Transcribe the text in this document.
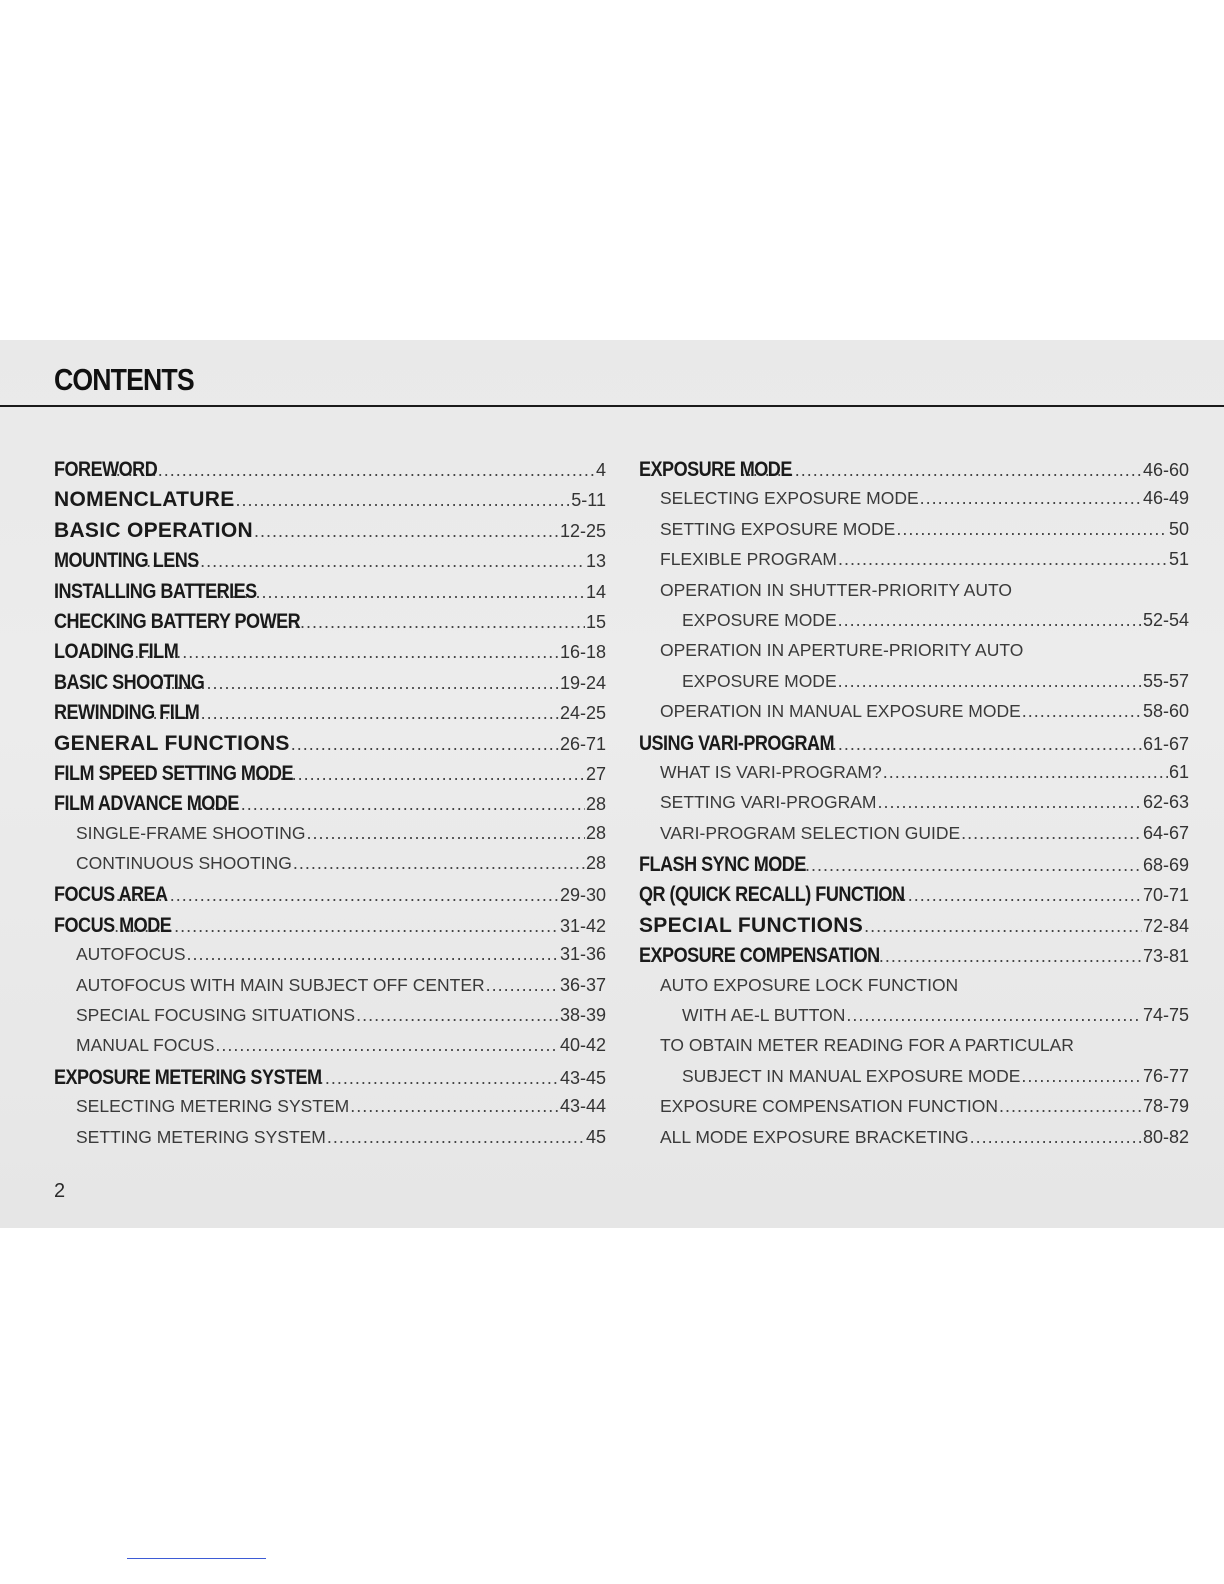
CONTENTS
FOREWORD .....	4
NOMENCLATURE .....	5-11
BASIC OPERATION .....	12-25
MOUNTING LENS .....	13
INSTALLING BATTERIES .....	14
CHECKING BATTERY POWER .....	15
LOADING FILM .....	16-18
BASIC SHOOTING .....	19-24
REWINDING FILM .....	24-25
GENERAL FUNCTIONS .....	26-71
FILM SPEED SETTING MODE .....	27
FILM ADVANCE MODE .....	28
SINGLE-FRAME SHOOTING .....	28
CONTINUOUS SHOOTING .....	28
FOCUS AREA .....	29-30
FOCUS MODE .....	31-42
AUTOFOCUS .....	31-36
AUTOFOCUS WITH MAIN SUBJECT OFF CENTER .....	36-37
SPECIAL FOCUSING SITUATIONS .....	38-39
MANUAL FOCUS .....	40-42
EXPOSURE METERING SYSTEM .....	43-45
SELECTING METERING SYSTEM .....	43-44
SETTING METERING SYSTEM .....	45
EXPOSURE MODE .....	46-60
SELECTING EXPOSURE MODE .....	46-49
SETTING EXPOSURE MODE .....	50
FLEXIBLE PROGRAM .....	51
OPERATION IN SHUTTER-PRIORITY AUTO
EXPOSURE MODE .....	52-54
OPERATION IN APERTURE-PRIORITY AUTO
EXPOSURE MODE .....	55-57
OPERATION IN MANUAL EXPOSURE MODE .....	58-60
USING VARI-PROGRAM .....	61-67
WHAT IS VARI-PROGRAM? .....	61
SETTING VARI-PROGRAM .....	62-63
VARI-PROGRAM SELECTION GUIDE .....	64-67
FLASH SYNC MODE .....	68-69
QR (QUICK RECALL) FUNCTION .....	70-71
SPECIAL FUNCTIONS .....	72-84
EXPOSURE COMPENSATION .....	73-81
AUTO EXPOSURE LOCK FUNCTION
WITH AE-L BUTTON .....	74-75
TO OBTAIN METER READING FOR A PARTICULAR
SUBJECT IN MANUAL EXPOSURE MODE .....	76-77
EXPOSURE COMPENSATION FUNCTION .....	78-79
ALL MODE EXPOSURE BRACKETING .....	80-82
2
